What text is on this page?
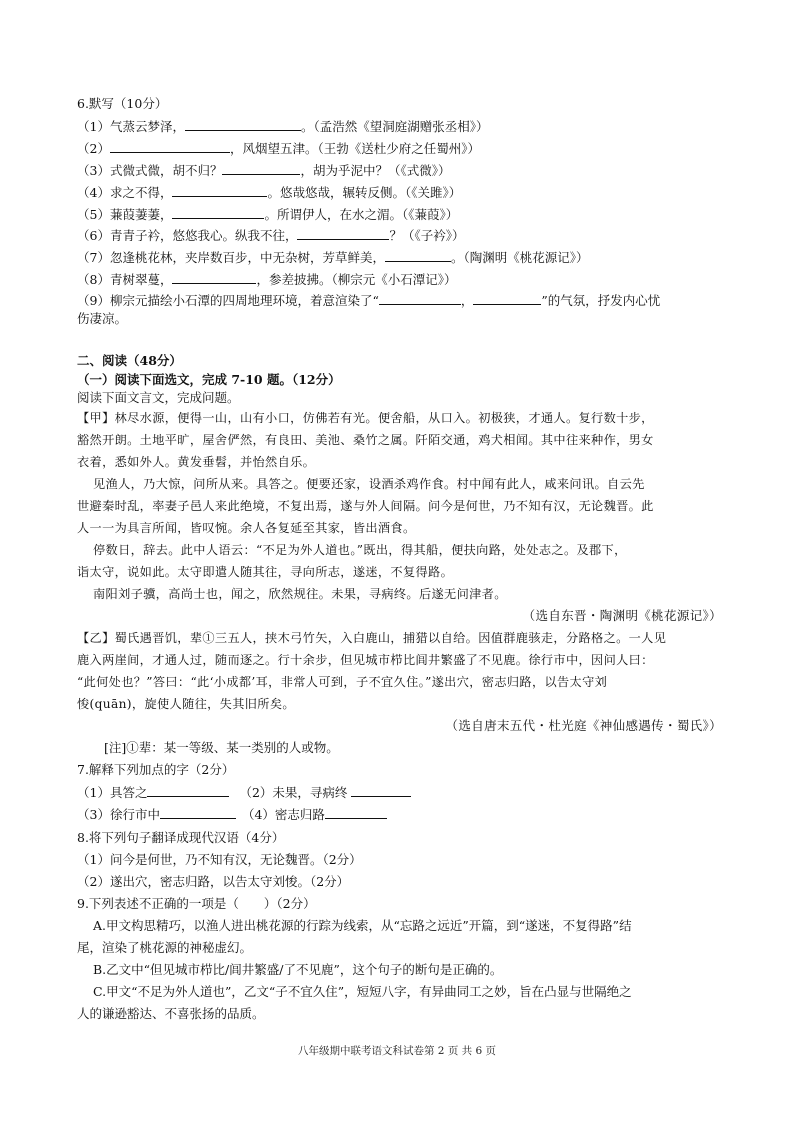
6.默写（10分）
（1）气蒸云梦泽，	。（孟浩然《望洞庭湖赠张丞相》）
（2）	，风烟望五津。（王勃《送杜少府之任蜀州》）
（3）式微式微，胡不归？	，胡为乎泥中？（《式微》）
（4）求之不得，	。悠哉悠哉，辗转反侧。（《关雎》）
（5）蒹葭萋萋，	。所谓伊人，在水之湄。（《蒹葭》）
（6）青青子衿，悠悠我心。纵我不往，	？（《子衿》）
（7）忽逢桃花林，夹岸数百步，中无杂树，芳草鲜美，	。（陶渊明《桃花源记》）
（8）青树翠蔓，	，参差披拂。（柳宗元《小石潭记》）
（9）柳宗元描绘小石潭的四周地理环境，着意渲染了“	，	”的气氛，抒发内心忧
伤凄凉。
二、阅读（48分）
（一）阅读下面选文，完成 7-10 题。（12分）
阅读下面文言文，完成问题。
【甲】林尽水源，便得一山，山有小口，仿佛若有光。便舍船，从口入。初极狭，才通人。复行数十步，
豁然开朗。土地平旷，屋舍俨然，有良田、美池、桑竹之属。阡陌交通，鸡犬相闻。其中往来种作，男女
衣着，悉如外人。黄发垂髫，并怡然自乐。
见渔人，乃大惊，问所从来。具答之。便要还家，设酒杀鸡作食。村中闻有此人，咸来问讯。自云先
世避秦时乱，率妻子邑人来此绝境，不复出焉，遂与外人间隔。问今是何世，乃不知有汉，无论魏晋。此
人一一为具言所闻，皆叹惋。余人各复延至其家，皆出酒食。
停数日，辞去。此中人语云：“不足为外人道也。”既出，得其船，便扶向路，处处志之。及郡下，
诣太守，说如此。太守即遣人随其往，寻向所志，遂迷，不复得路。
南阳刘子骥，高尚士也，闻之，欣然规往。未果，寻病终。后遂无问津者。
（选自东晋・陶渊明《桃花源记》）
【乙】蜀氏遇晋饥，辈①三五人，挟木弓竹矢，入白鹿山，捕猎以自给。因值群鹿骇走，分路格之。一人见
鹿入两崖间，才通人过，随而逐之。行十余步，但见城市栉比闾井繁盛了不见鹿。徐行市中，因问人曰：
“此何处也？”答曰：“此‘小成都’耳，非常人可到，子不宜久住。”遂出穴，密志归路，以告太守刘
悛(quān)，旋使人随往，失其旧所矣。
（选自唐末五代・杜光庭《神仙感遇传・蜀氏》）
[注]①辈：某一等级、某一类别的人或物。
7.解释下列加点的字（2分）
（1）具答之	（2）未果，寻病终
（3）徐行市中	（4）密志归路
8.将下列句子翻译成现代汉语（4分）
（1）问今是何世，乃不知有汉，无论魏晋。（2分）
（2）遂出穴，密志归路，以告太守刘悛。（2分）
9.下列表述不正确的一项是（　　）（2分）
A.甲文构思精巧，以渔人进出桃花源的行踪为线索，从“忘路之远近”开篇，到“遂迷，不复得路”结
尾，渲染了桃花源的神秘虚幻。
B.乙文中“但见城市栉比/闾井繁盛/了不见鹿”，这个句子的断句是正确的。
C.甲文“不足为外人道也”，乙文“子不宜久住”，短短八字，有异曲同工之妙，旨在凸显与世隔绝之
人的谦逊豁达、不喜张扬的品质。
八年级期中联考语文科试卷第 2 页 共 6 页
